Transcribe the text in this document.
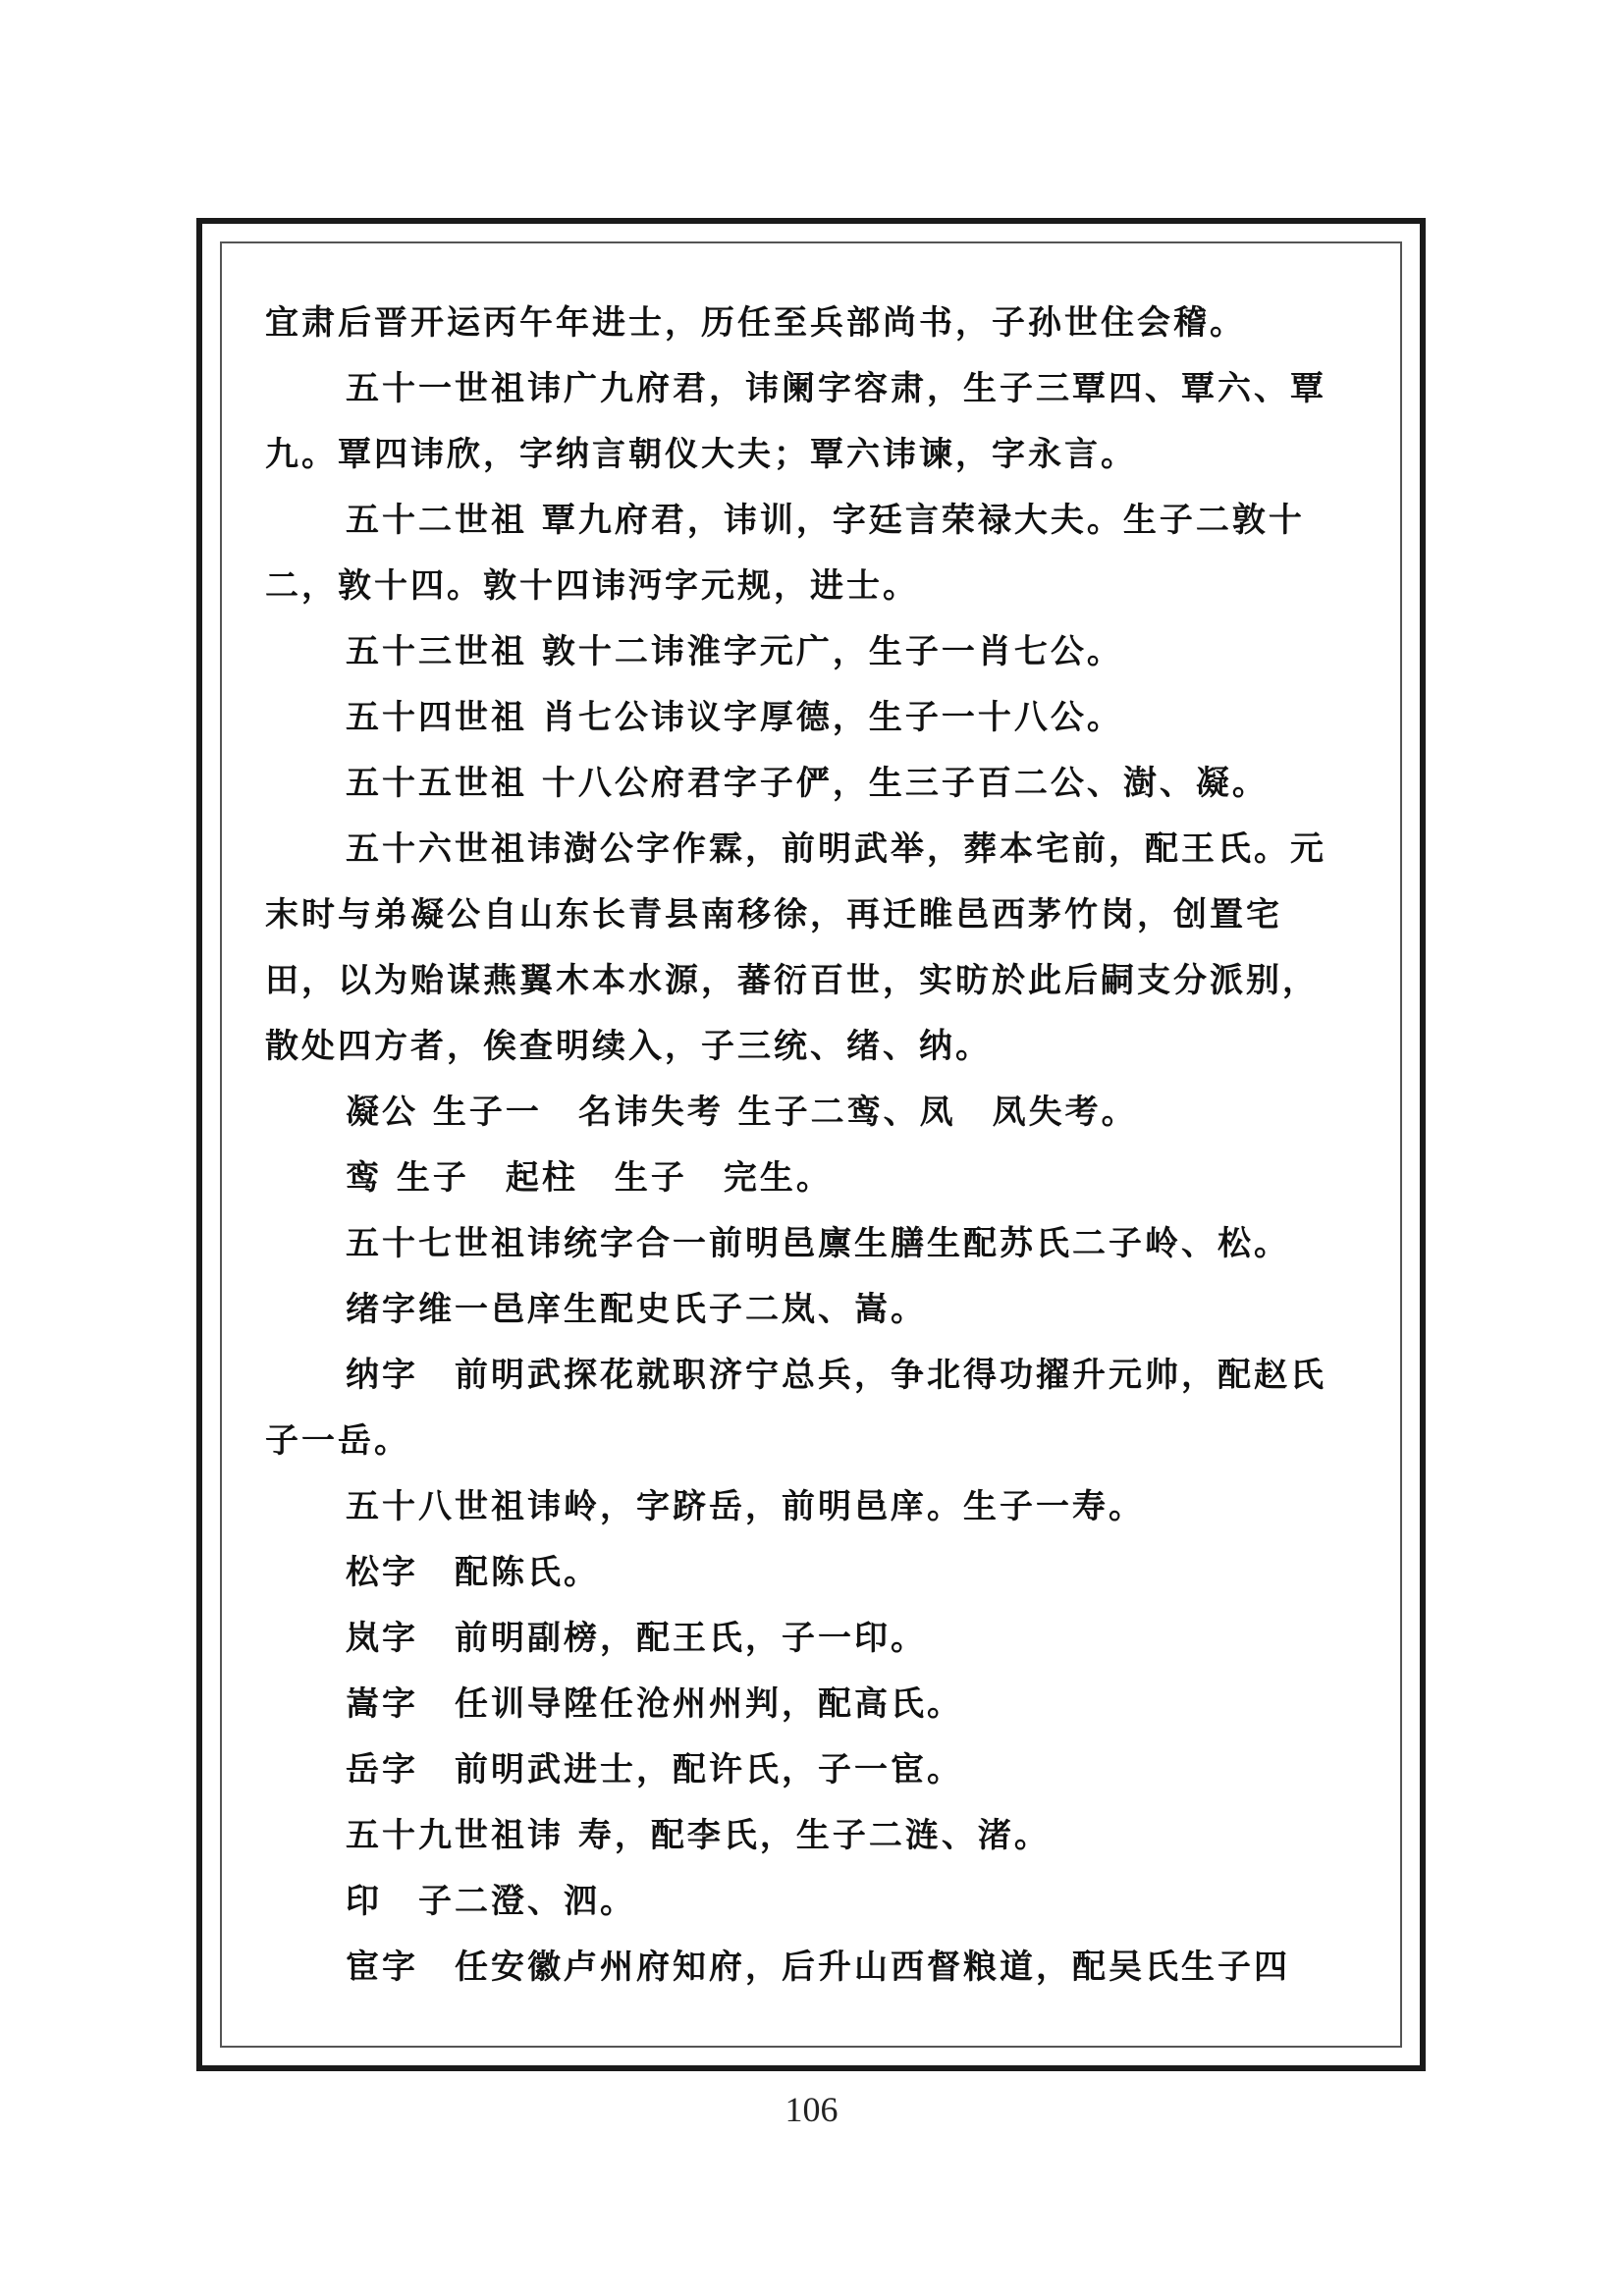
宜肃后晋开运丙午年进士，历任至兵部尚书，子孙世住会稽。
五十一世祖讳广九府君，讳阑字容肃，生子三覃四、覃六、覃
九。覃四讳欣，字纳言朝仪大夫；覃六讳谏，字永言。
五十二世祖 覃九府君，讳训，字廷言荣禄大夫。生子二敦十
二，敦十四。敦十四讳沔字元规，进士。
五十三世祖 敦十二讳淮字元广，生子一肖七公。
五十四世祖 肖七公讳议字厚德，生子一十八公。
五十五世祖 十八公府君字子俨，生三子百二公、澍、凝。
五十六世祖讳澍公字作霖，前明武举，葬本宅前，配王氏。元
末时与弟凝公自山东长青县南移徐，再迁睢邑西茅竹岗，创置宅
田，以为贻谋燕翼木本水源，蕃衍百世，实昉於此后嗣支分派别，
散处四方者，俟查明续入，子三统、绪、纳。
凝公 生子一　名讳失考 生子二鸾、凤　凤失考。
鸾 生子　起柱　生子　完生。
五十七世祖讳统字合一前明邑廪生膳生配苏氏二子岭、松。
绪字维一邑庠生配史氏子二岚、嵩。
纳字　前明武探花就职济宁总兵，争北得功擢升元帅，配赵氏
子一岳。
五十八世祖讳岭，字跻岳，前明邑庠。生子一寿。
松字　配陈氏。
岚字　前明副榜，配王氏，子一印。
嵩字　任训导陞任沧州州判，配高氏。
岳字　前明武进士，配许氏，子一宦。
五十九世祖讳 寿，配李氏，生子二涟、渚。
印　子二澄、泗。
宦字　任安徽卢州府知府，后升山西督粮道，配吴氏生子四
106
